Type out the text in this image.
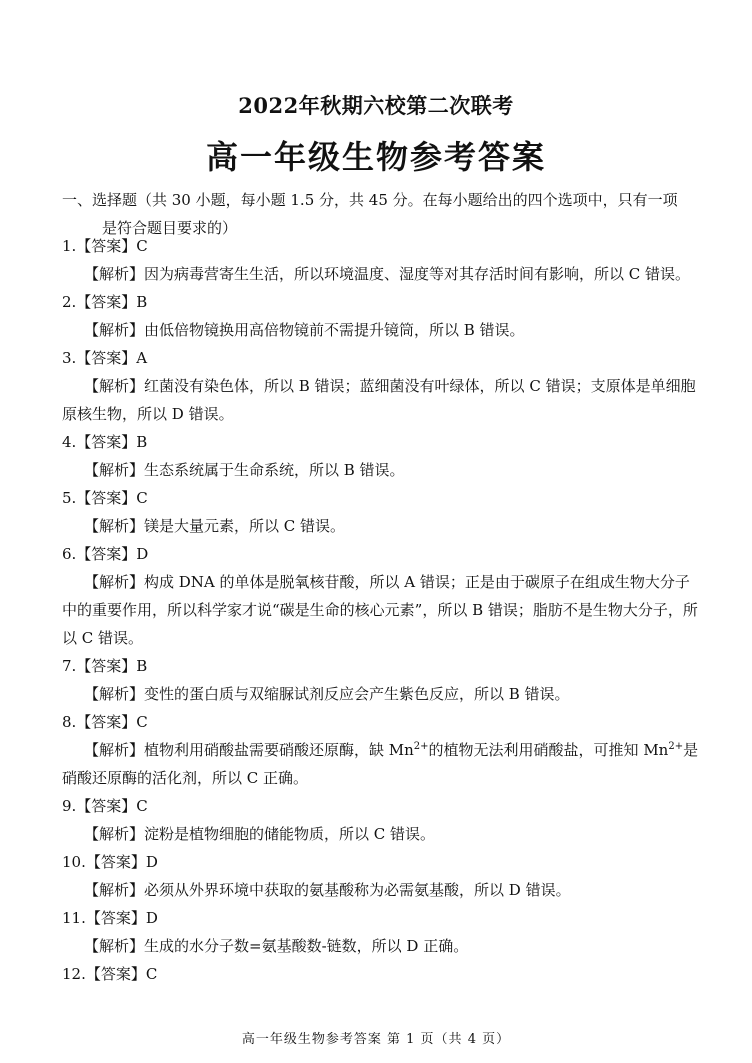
2022年秋期六校第二次联考
高一年级生物参考答案
一、选择题（共 30 小题，每小题 1.5 分，共 45 分。在每小题给出的四个选项中，只有一项
是符合题目要求的）
1.【答案】C
【解析】因为病毒营寄生生活，所以环境温度、湿度等对其存活时间有影响，所以 C 错误。
2.【答案】B
【解析】由低倍物镜换用高倍物镜前不需提升镜筒，所以 B 错误。
3.【答案】A
【解析】红菌没有染色体，所以 B 错误；蓝细菌没有叶绿体，所以 C 错误；支原体是单细胞原核生物，所以 D 错误。
4.【答案】B
【解析】生态系统属于生命系统，所以 B 错误。
5.【答案】C
【解析】镁是大量元素，所以 C 错误。
6.【答案】D
【解析】构成 DNA 的单体是脱氧核苷酸，所以 A 错误；正是由于碳原子在组成生物大分子中的重要作用，所以科学家才说“碳是生命的核心元素”，所以 B 错误；脂肪不是生物大分子，所以 C 错误。
7.【答案】B
【解析】变性的蛋白质与双缩脲试剂反应会产生紫色反应，所以 B 错误。
8.【答案】C
【解析】植物利用硝酸盐需要硝酸还原酶，缺 $Mn^{2+}$的植物无法利用硝酸盐，可推知 $Mn^{2+}$是硝酸还原酶的活化剂，所以 C 正确。
9.【答案】C
【解析】淀粉是植物细胞的储能物质，所以 C 错误。
10.【答案】D
【解析】必须从外界环境中获取的氨基酸称为必需氨基酸，所以 D 错误。
11.【答案】D
【解析】生成的水分子数=氨基酸数-链数，所以 D 正确。
12.【答案】C
高一年级生物参考答案 第 1 页（共 4 页）
